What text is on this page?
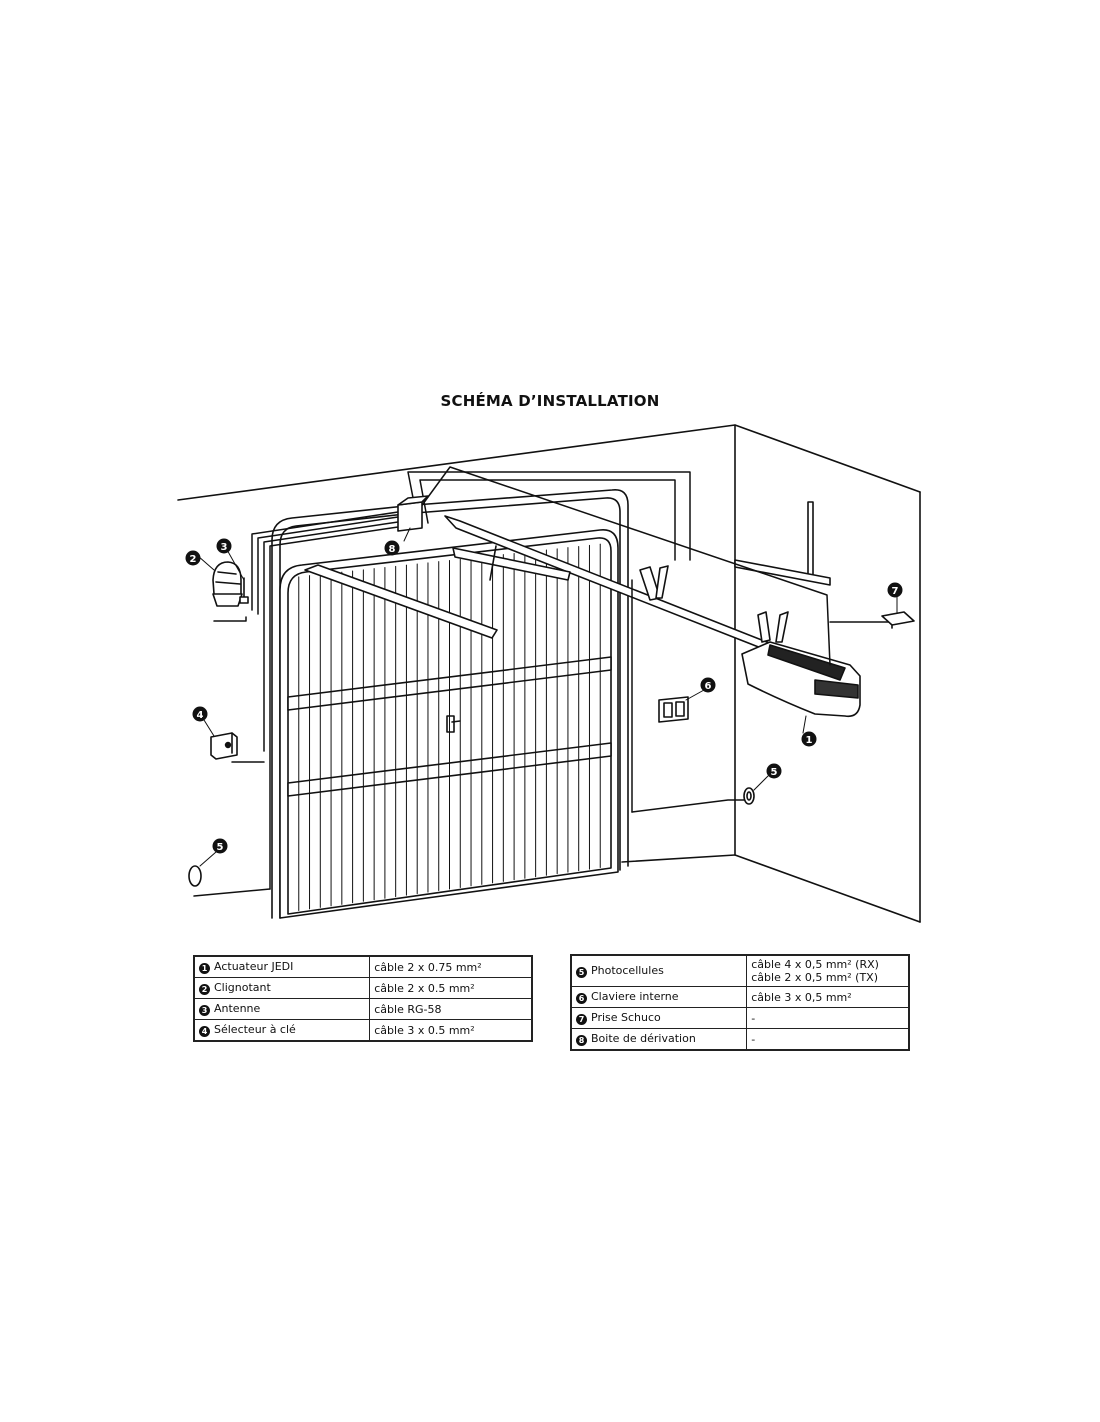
SCHÉMA D’INSTALLATION
2
3	8
4
5
6
7
1
5
1 Actuateur JEDI	câble 2 x 0.75 mm²

2 Clignotant	câble 2 x 0.5 mm²

3 Antenne	câble RG-58

4 Sélecteur à clé	câble 3 x 0.5 mm²
5 Photocellules	câble 4 x 0,5 mm² (RX)
câble 2 x 0,5 mm² (TX)

6 Claviere interne	câble 3 x 0,5 mm²

7 Prise Schuco	-

8 Boite de dérivation	-
